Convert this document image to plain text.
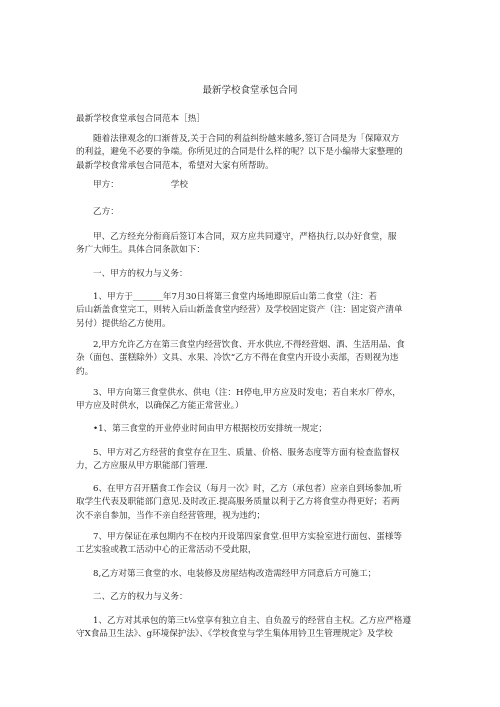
最新学校食堂承包合同

最新学校食堂承包合同范本［热］

随着法律观念的口渐普及,关于合同的利益纠纷越来越多,签订合同是为「保障双方
的利益，避免不必要的争端。你所见过的合同是什么样的呢？以下是小编帯大家整理的
最新学校食常承包合同范本，希望对大家有所帮助。

甲方：	学校
乙方：

甲、乙方经充分衔商后签订本合同，双方应共同遵守，严格执行,以办好食堂，服
务广大师生。具体合同条款如下：

一、甲方的权力与义务：

1、甲方于_______年7月30日将第三食堂内场地即原后山第二食堂（注：若
后山新盖食堂完工，则转入后山新盖食堂内经营）及学校固定资产（注：固定资产清单
另付）提供给乙方使用。

2,甲方允许乙方在第三食堂内经营饮食、开水供应,不得经营烟、酒、生活用品、食
杂（面包、蛋糕除外）文具、水果、冷饮“乙方不得在食堂内开设小卖部，否则视为违
约。

3、甲方向第三食堂供水、供电（注：H停电,甲方应及时发电；若自来水厂停水，
甲方应及时供水，以确保乙方能正常营业。）

•1、第三食堂的开业停业时间由甲方根据校历安排统一规定；

5、甲方对乙方经营的食堂存在卫生、质量、价格、服务态度等方面有检查监督权
力，乙方应服从甲方职能部门管理.

6、在甲方召开膳食工作会议（每月一次》时，乙方（承包者）应亲自到场参加,听
取学生代表及职能部门意见.及时改正.提高服务质量以利于乙方将食堂办得更好；若两
次不亲自参加，当作不亲自经营管理，视为违约；

7、甲方保证在承包期内不在校内开设第四家食堂.但甲方实验室进行面包、蛋様等
工艺实验或教工活动中心的正常活动不受此限，

8,乙方对第三食堂的水、电装修及房屋结构改造需经甲方同意后方可施工；

二、乙方的权力与义务：

1、乙方对其承包的第三t⅛堂享有独立自主、自负盈亏的经营自主权。乙方应严格遵
守X食品卫生法》、g环境保护法》、《学校食堂与学生集体用钤卫生管理规定》及学校
